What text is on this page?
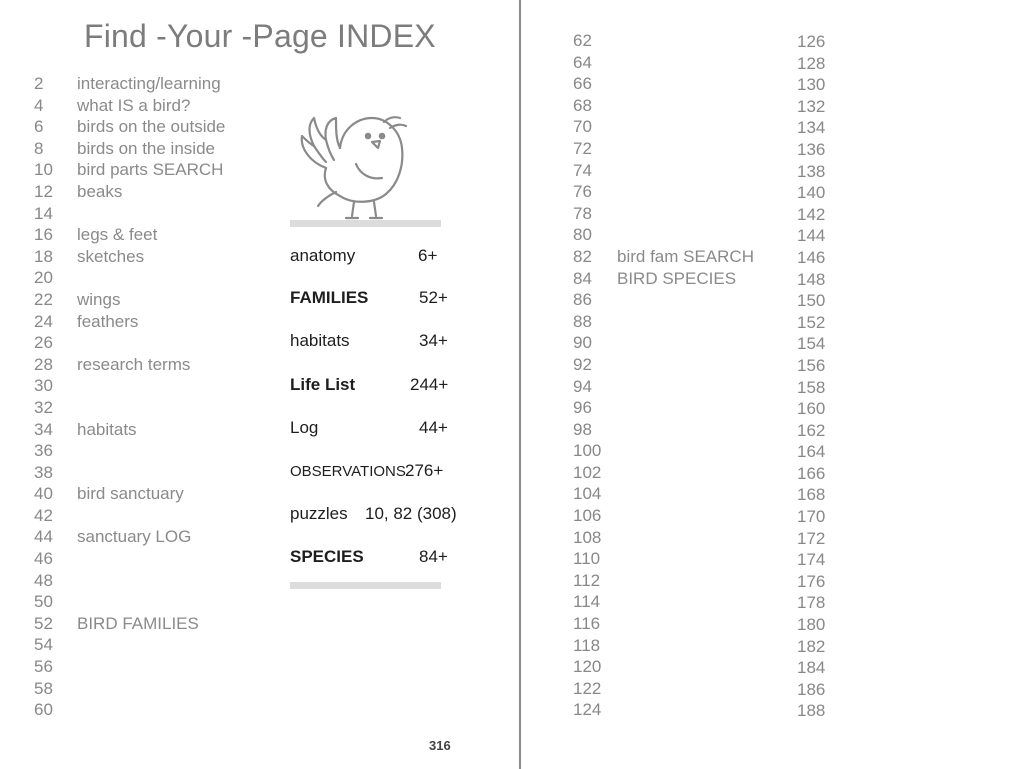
Find -Your -Page INDEX
2	interacting/learning
4	what IS a bird?
6	birds on the outside
8	birds on the inside
10	bird parts SEARCH
12	beaks
14
16	legs & feet
18	sketches
20
22	wings
24	feathers
26
28	research terms
30
32
34	habitats
36
38
40	bird sanctuary
42
44	sanctuary LOG
46
48
50
52	BIRD FAMILIES
54
56
58
60
anatomy	6+
FAMILIES	52+
habitats	34+
Life List	244+
Log	44+
OBSERVATIONS 276+
puzzles 10, 82 (308)
SPECIES	84+
316
62
64
66
68
70
72
74
76
78
80
82	bird fam SEARCH
84	BIRD SPECIES
86
88
90
92
94
96
98
100
102
104
106
108
110
112
114
116
118
120
122
124
126
128
130
132
134
136
138
140
142
144
146
148
150
152
154
156
158
160
162
164
166
168
170
172
174
176
178
180
182
184
186
188
